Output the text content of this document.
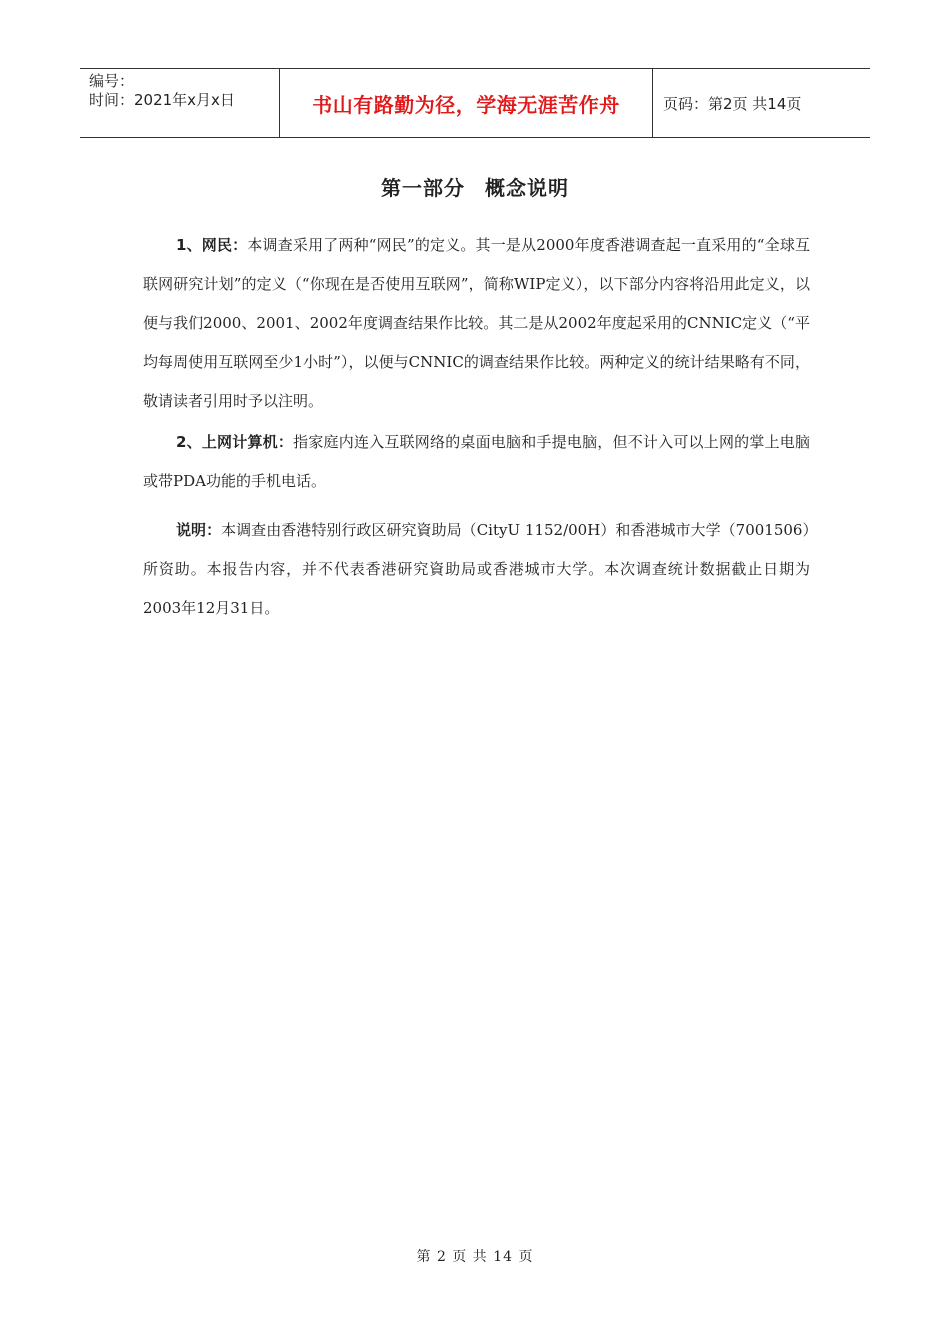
编号：
时间：2021年x月x日	书山有路勤为径，学海无涯苦作舟	页码：第2页 共14页
第一部分 概念说明

1、网民：本调查采用了两种“网民”的定义。其一是从2000年度香港调查起一直采用的“全球互联网研究计划”的定义（“你现在是否使用互联网”，简称WIP定义），以下部分内容将沿用此定义，以便与我们2000、2001、2002年度调查结果作比较。其二是从2002年度起采用的CNNIC定义（“平均每周使用互联网至少1小时”），以便与CNNIC的调查结果作比较。两种定义的统计结果略有不同，敬请读者引用时予以注明。

2、上网计算机：指家庭内连入互联网络的桌面电脑和手提电脑，但不计入可以上网的掌上电脑或带PDA功能的手机电话。

说明：本调查由香港特别行政区研究資助局（CityU 1152/00H）和香港城市大学（7001506）所资助。本报告内容，并不代表香港研究資助局或香港城市大学。本次调查统计数据截止日期为2003年12月31日。

第 2 页 共 14 页
